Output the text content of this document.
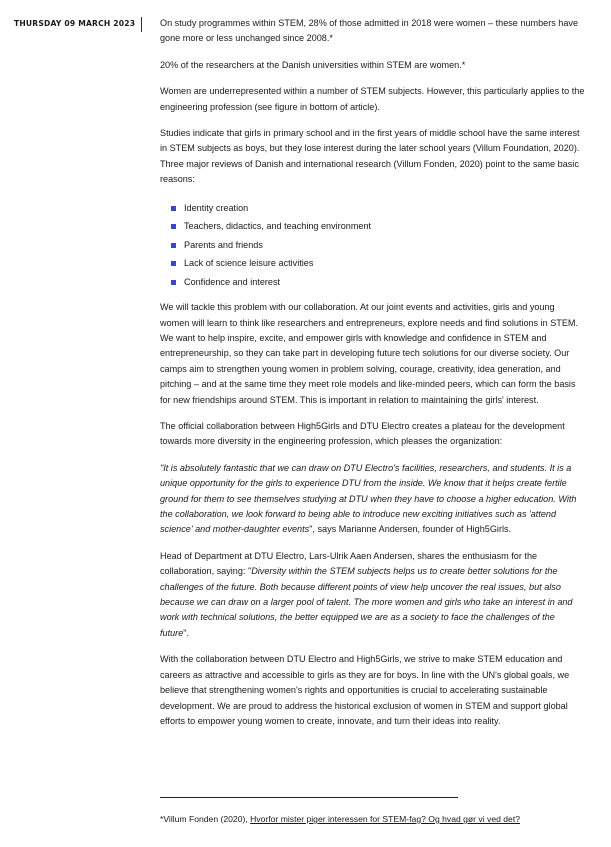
THURSDAY 09 MARCH 2023	On study programmes within STEM, 28% of those admitted in 2018 were women – these numbers have gone more or less unchanged since 2008.*

20% of the researchers at the Danish universities within STEM are women.*

Women are underrepresented within a number of STEM subjects. However, this particularly applies to the engineering profession (see figure in bottom of article).

Studies indicate that girls in primary school and in the first years of middle school have the same interest in STEM subjects as boys, but they lose interest during the later school years (Villum Foundation, 2020). Three major reviews of Danish and international research (Villum Fonden, 2020) point to the same basic reasons:

Identity creation
Teachers, didactics, and teaching environment
Parents and friends
Lack of science leisure activities
Confidence and interest

We will tackle this problem with our collaboration. At our joint events and activities, girls and young women will learn to think like researchers and entrepreneurs, explore needs and find solutions in STEM. We want to help inspire, excite, and empower girls with knowledge and confidence in STEM and entrepreneurship, so they can take part in developing future tech solutions for our diverse society. Our camps aim to strengthen young women in problem solving, courage, creativity, idea generation, and pitching – and at the same time they meet role models and like-minded peers, which can form the basis for new friendships around STEM. This is important in relation to maintaining the girls' interest.

The official collaboration between High5Girls and DTU Electro creates a plateau for the development towards more diversity in the engineering profession, which pleases the organization:

"It is absolutely fantastic that we can draw on DTU Electro's facilities, researchers, and students. It is a unique opportunity for the girls to experience DTU from the inside. We know that it helps create fertile ground for them to see themselves studying at DTU when they have to choose a higher education. With the collaboration, we look forward to being able to introduce new exciting initiatives such as 'attend science' and mother-daughter events", says Marianne Andersen, founder of High5Girls.

Head of Department at DTU Electro, Lars-Ulrik Aaen Andersen, shares the enthusiasm for the collaboration, saying: "Diversity within the STEM subjects helps us to create better solutions for the challenges of the future. Both because different points of view help uncover the real issues, but also because we can draw on a larger pool of talent. The more women and girls who take an interest in and work with technical solutions, the better equipped we are as a society to face the challenges of the future".

With the collaboration between DTU Electro and High5Girls, we strive to make STEM education and careers as attractive and accessible to girls as they are for boys. In line with the UN's global goals, we believe that strengthening women's rights and opportunities is crucial to accelerating sustainable development. We are proud to address the historical exclusion of women in STEM and support global efforts to empower young women to create, innovate, and turn their ideas into reality.

*Villum Fonden (2020), Hvorfor mister piger interessen for STEM-fag? Og hvad gør vi ved det?
